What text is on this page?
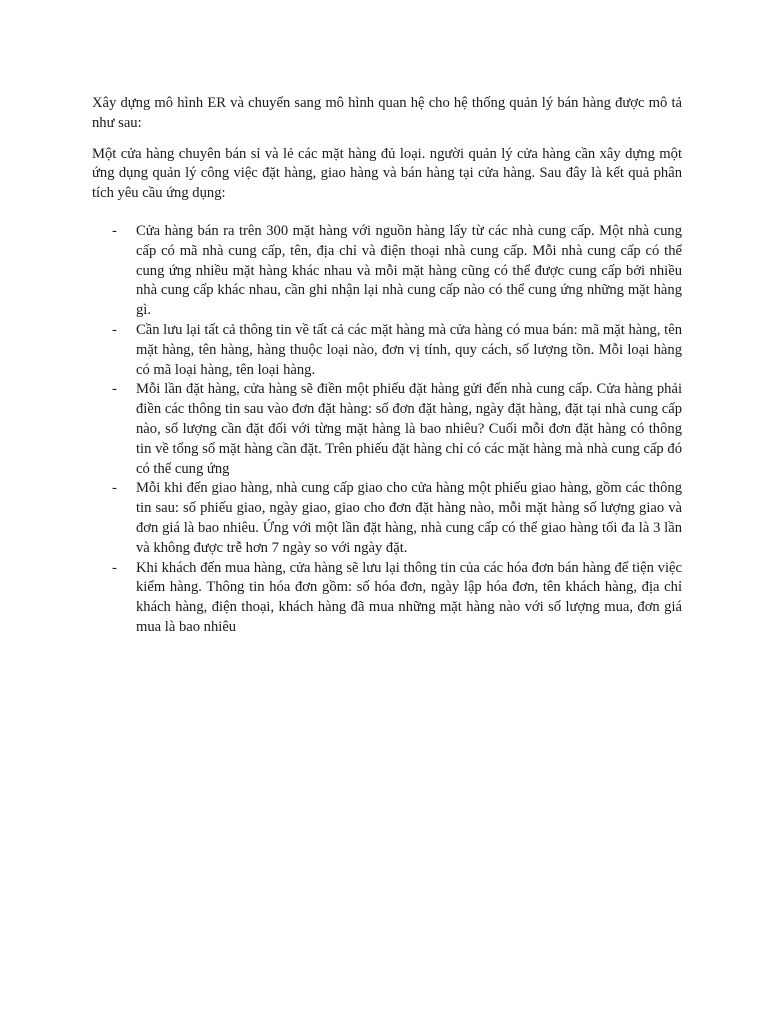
Xây dựng mô hình ER và chuyển sang mô hình quan hệ cho hệ thống quản lý bán hàng được mô tả như sau:

Một cửa hàng chuyên bán sỉ và lẻ các mặt hàng đủ loại. người quản lý cửa hàng cần xây dựng một ứng dụng quản lý công việc đặt hàng, giao hàng và bán hàng tại cửa hàng. Sau đây là kết quả phân tích yêu cầu ứng dụng:

- Cửa hàng bán ra trên 300 mặt hàng với nguồn hàng lấy từ các nhà cung cấp. Một nhà cung cấp có mã nhà cung cấp, tên, địa chỉ và điện thoại nhà cung cấp. Mỗi nhà cung cấp có thể cung ứng nhiều mặt hàng khác nhau và mỗi mặt hàng cũng có thể được cung cấp bởi nhiều nhà cung cấp khác nhau, cần ghi nhận lại nhà cung cấp nào có thể cung ứng những mặt hàng gì.
- Cần lưu lại tất cả thông tin về tất cả các mặt hàng mà cửa hàng có mua bán: mã mặt hàng, tên mặt hàng, tên hàng, hàng thuộc loại nào, đơn vị tính, quy cách, số lượng tồn. Mỗi loại hàng có mã loại hàng, tên loại hàng.
- Mỗi lần đặt hàng, cửa hàng sẽ điền một phiếu đặt hàng gửi đến nhà cung cấp. Cửa hàng phải điền các thông tin sau vào đơn đặt hàng: số đơn đặt hàng, ngày đặt hàng, đặt tại nhà cung cấp nào, số lượng cần đặt đối với từng mặt hàng là bao nhiêu? Cuối mỗi đơn đặt hàng có thông tin về tổng số mặt hàng cần đặt. Trên phiếu đặt hàng chỉ có các mặt hàng mà nhà cung cấp đó có thể cung ứng
- Mỗi khi đến giao hàng, nhà cung cấp giao cho cửa hàng một phiếu giao hàng, gồm các thông tin sau: số phiếu giao, ngày giao, giao cho đơn đặt hàng nào, mỗi mặt hàng số lượng giao và đơn giá là bao nhiêu. Ứng với một lần đặt hàng, nhà cung cấp có thể giao hàng tối đa là 3 lần và không được trễ hơn 7 ngày so với ngày đặt.
- Khi khách đến mua hàng, cửa hàng sẽ lưu lại thông tin của các hóa đơn bán hàng để tiện việc kiểm hàng. Thông tin hóa đơn gồm: số hóa đơn, ngày lập hóa đơn, tên khách hàng, địa chỉ khách hàng, điện thoại, khách hàng đã mua những mặt hàng nào với số lượng mua, đơn giá mua là bao nhiêu
